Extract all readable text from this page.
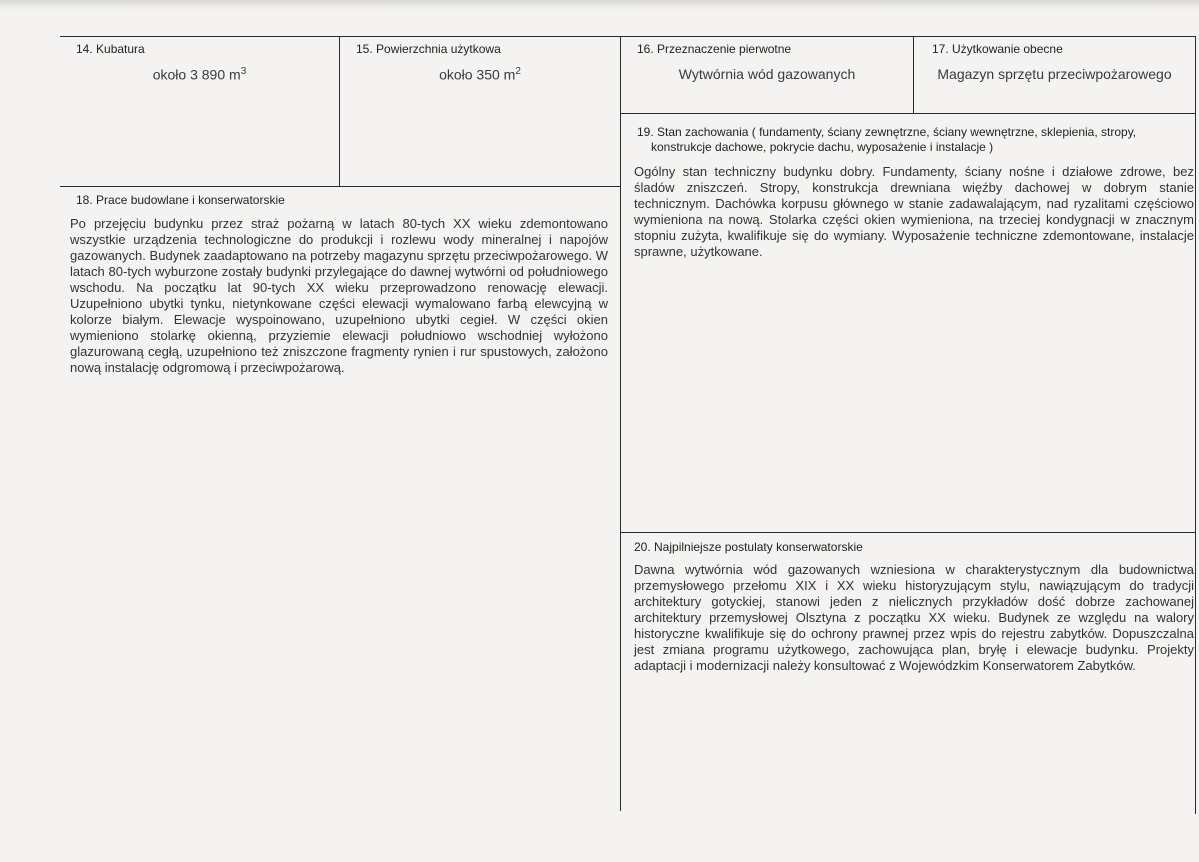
14. Kubatura
około 3 890 $m^3$
15. Powierzchnia użytkowa
około 350 $m^2$
16. Przeznaczenie pierwotne
Wytwórnia wód gazowanych
17. Użytkowanie obecne
Magazyn sprzętu przeciwpożarowego
18. Prace budowlane i konserwatorskie

Po przejęciu budynku przez straż pożarną w latach 80-tych XX wieku zdemontowano wszystkie urządzenia technologiczne do produkcji i rozlewu wody mineralnej i napojów gazowanych. Budynek zaadaptowano na potrzeby magazynu sprzętu przeciwpożarowego. W latach 80-tych wyburzone zostały budynki przylegające do dawnej wytwórni od południowego wschodu. Na początku lat 90-tych XX wieku przeprowadzono renowację elewacji. Uzupełniono ubytki tynku, nietynkowane części elewacji wymalowano farbą elewcyjną w kolorze białym. Elewacje wyspoinowano, uzupełniono ubytki cegieł. W części okien wymieniono stolarkę okienną, przyziemie elewacji południowo wschodniej wyłożono glazurowaną cegłą, uzupełniono też zniszczone fragmenty rynien i rur spustowych, założono nową instalację odgromową i przeciwpożarową.

19. Stan zachowania ( fundamenty, ściany zewnętrzne, ściany wewnętrzne, sklepienia, stropy, konstrukcje dachowe, pokrycie dachu, wyposażenie i instalacje )

Ogólny stan techniczny budynku dobry. Fundamenty, ściany nośne i działowe zdrowe, bez śladów zniszczeń. Stropy, konstrukcja drewniana więźby dachowej w dobrym stanie technicznym. Dachówka korpusu głównego w stanie zadawalającym, nad ryzalitami częściowo wymieniona na nową. Stolarka części okien wymieniona, na trzeciej kondygnacji w znacznym stopniu zużyta, kwalifikuje się do wymiany. Wyposażenie techniczne zdemontowane, instalacje sprawne, użytkowane.

20. Najpilniejsze postulaty konserwatorskie

Dawna wytwórnia wód gazowanych wzniesiona w charakterystycznym dla budownictwa przemysłowego przełomu XIX i XX wieku historyzującym stylu, nawiązującym do tradycji architektury gotyckiej, stanowi jeden z nielicznych przykładów dość dobrze zachowanej architektury przemysłowej Olsztyna z początku XX wieku. Budynek ze względu na walory historyczne kwalifikuje się do ochrony prawnej przez wpis do rejestru zabytków. Dopuszczalna jest zmiana programu użytkowego, zachowująca plan, bryłę i elewacje budynku. Projekty adaptacji i modernizacji należy konsultować z Wojewódzkim Konserwatorem Zabytków.
